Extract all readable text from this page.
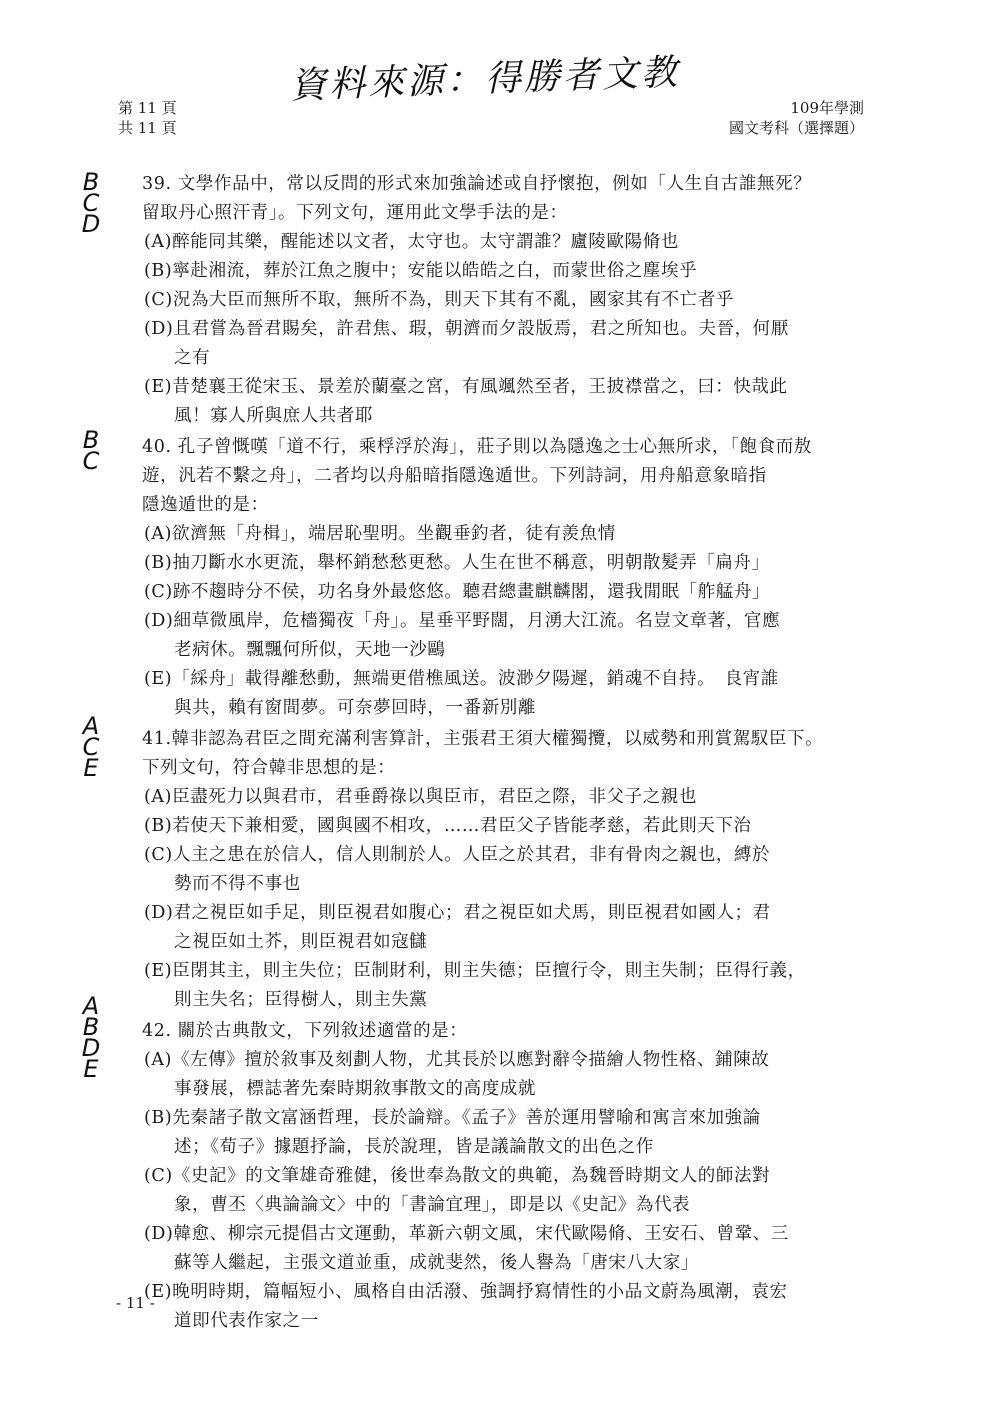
第 11 頁
共 11 頁
資料來源：得勝者文教
109年學測
國文考科（選擇題）
B
C
D
B
C
A
C
E
A
B
D
E
39. 文學作品中，常以反問的形式來加強論述或自抒懷抱，例如「人生自古誰無死？
留取丹心照汗青」。下列文句，運用此文學手法的是：
(A)醉能同其樂，醒能述以文者，太守也。太守謂誰？廬陵歐陽脩也
(B)寧赴湘流，葬於江魚之腹中；安能以皓皓之白，而蒙世俗之塵埃乎
(C)況為大臣而無所不取，無所不為，則天下其有不亂，國家其有不亡者乎
(D)且君嘗為晉君賜矣，許君焦、瑕，朝濟而夕設版焉，君之所知也。夫晉，何厭
之有
(E)昔楚襄王從宋玉、景差於蘭臺之宮，有風颯然至者，王披襟當之，曰：快哉此
風！寡人所與庶人共者耶
40. 孔子曾慨嘆「道不行，乘桴浮於海」，莊子則以為隱逸之士心無所求，「飽食而敖
遊，汎若不繫之舟」，二者均以舟船暗指隱逸遁世。下列詩詞，用舟船意象暗指
隱逸遁世的是：
(A)欲濟無「舟楫」，端居恥聖明。坐觀垂釣者，徒有羨魚情
(B)抽刀斷水水更流，舉杯銷愁愁更愁。人生在世不稱意，明朝散髮弄「扁舟」
(C)跡不趨時分不侯，功名身外最悠悠。聽君總畫麒麟閣，還我閒眠「舴艋舟」
(D)細草微風岸，危檣獨夜「舟」。星垂平野闊，月湧大江流。名豈文章著，官應
老病休。飄飄何所似，天地一沙鷗
(E)「綵舟」載得離愁動，無端更借樵風送。波渺夕陽遲，銷魂不自持。　良宵誰
與共，賴有窗間夢。可奈夢回時，一番新別離
41.韓非認為君臣之間充滿利害算計，主張君王須大權獨攬，以威勢和刑賞駕馭臣下。
下列文句，符合韓非思想的是：
(A)臣盡死力以與君市，君垂爵祿以與臣市，君臣之際，非父子之親也
(B)若使天下兼相愛，國與國不相攻，……君臣父子皆能孝慈，若此則天下治
(C)人主之患在於信人，信人則制於人。人臣之於其君，非有骨肉之親也，縛於
勢而不得不事也
(D)君之視臣如手足，則臣視君如腹心；君之視臣如犬馬，則臣視君如國人；君
之視臣如土芥，則臣視君如寇讎
(E)臣閉其主，則主失位；臣制財利，則主失德；臣擅行令，則主失制；臣得行義，
則主失名；臣得樹人，則主失黨
42. 關於古典散文，下列敘述適當的是：
(A)《左傳》擅於敘事及刻劃人物，尤其長於以應對辭令描繪人物性格、鋪陳故
事發展，標誌著先秦時期敘事散文的高度成就
(B)先秦諸子散文富涵哲理，長於論辯。《孟子》善於運用譬喻和寓言來加強論
述；《荀子》據題抒論，長於說理，皆是議論散文的出色之作
(C)《史記》的文筆雄奇雅健，後世奉為散文的典範，為魏晉時期文人的師法對
象，曹丕〈典論論文〉中的「書論宜理」，即是以《史記》為代表
(D)韓愈、柳宗元提倡古文運動，革新六朝文風，宋代歐陽脩、王安石、曾鞏、三
蘇等人繼起，主張文道並重，成就斐然，後人譽為「唐宋八大家」
(E)晚明時期，篇幅短小、風格自由活潑、強調抒寫情性的小品文蔚為風潮，袁宏
道即代表作家之一
- 11 -
